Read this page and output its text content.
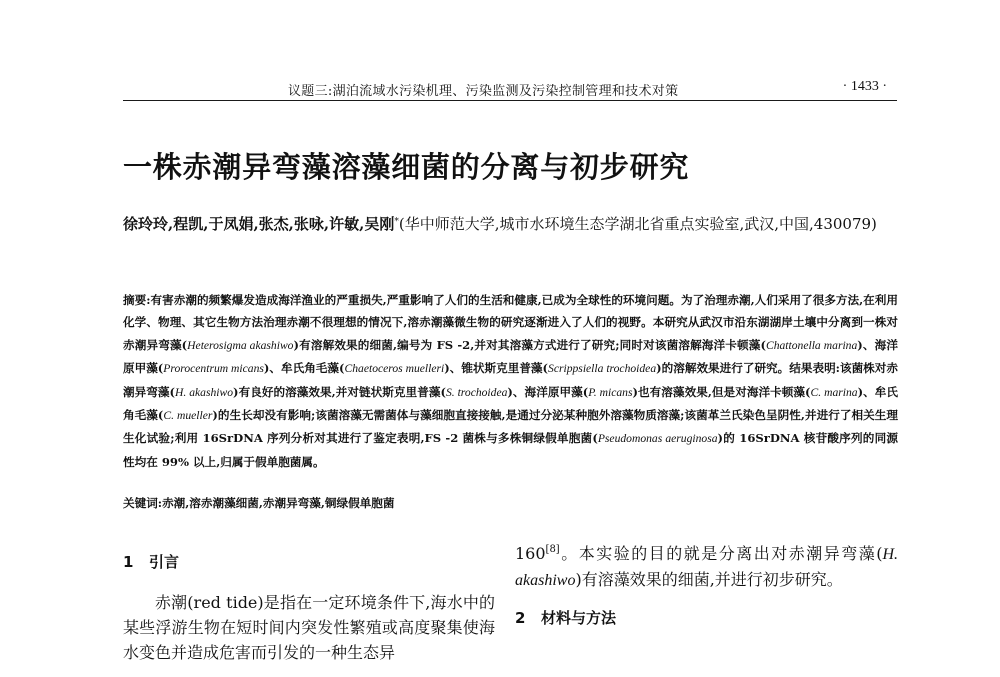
议题三:湖泊流域水污染机理、污染监测及污染控制管理和技术对策	· 1433 ·
一株赤潮异弯藻溶藻细菌的分离与初步研究
徐玲玲,程凯,于凤娟,张杰,张咏,许敏,吴刚*(华中师范大学,城市水环境生态学湖北省重点实验室,武汉,中国,430079)
摘要:有害赤潮的频繁爆发造成海洋渔业的严重损失,严重影响了人们的生活和健康,已成为全球性的环境问题。为了治理赤潮,人们采用了很多方法,在利用化学、物理、其它生物方法治理赤潮不很理想的情况下,溶赤潮藻微生物的研究逐渐进入了人们的视野。本研究从武汉市沿东湖湖岸土壤中分离到一株对赤潮异弯藻(Heterosigma akashiwo)有溶解效果的细菌,编号为 FS -2,并对其溶藻方式进行了研究;同时对该菌溶解海洋卡顿藻(Chattonella marina)、海洋原甲藻(Prorocentrum micans)、牟氏角毛藻(Chaetoceros muelleri)、锥状斯克里普藻(Scrippsiella trochoidea)的溶解效果进行了研究。结果表明:该菌株对赤潮异弯藻(H. akashiwo)有良好的溶藻效果,并对链状斯克里普藻(S. trochoidea)、海洋原甲藻(P. micans)也有溶藻效果,但是对海洋卡顿藻(C. marina)、牟氏角毛藻(C. mueller)的生长却没有影响;该菌溶藻无需菌体与藻细胞直接接触,是通过分泌某种胞外溶藻物质溶藻;该菌革兰氏染色呈阴性,并进行了相关生理生化试验;利用 16SrDNA 序列分析对其进行了鉴定表明,FS -2 菌株与多株铜绿假单胞菌(Pseudomonas aeruginosa)的 16SrDNA 核苷酸序列的同源性均在 99% 以上,归属于假单胞菌属。
关键词:赤潮,溶赤潮藻细菌,赤潮异弯藻,铜绿假单胞菌
1 引言
赤潮(red tide)是指在一定环境条件下,海水中的某些浮游生物在短时间内突发性繁殖或高度聚集使海水变色并造成危害而引发的一种生态异
160[8]。本实验的目的就是分离出对赤潮异弯藻(H. akashiwo)有溶藻效果的细菌,并进行初步研究。
2 材料与方法
